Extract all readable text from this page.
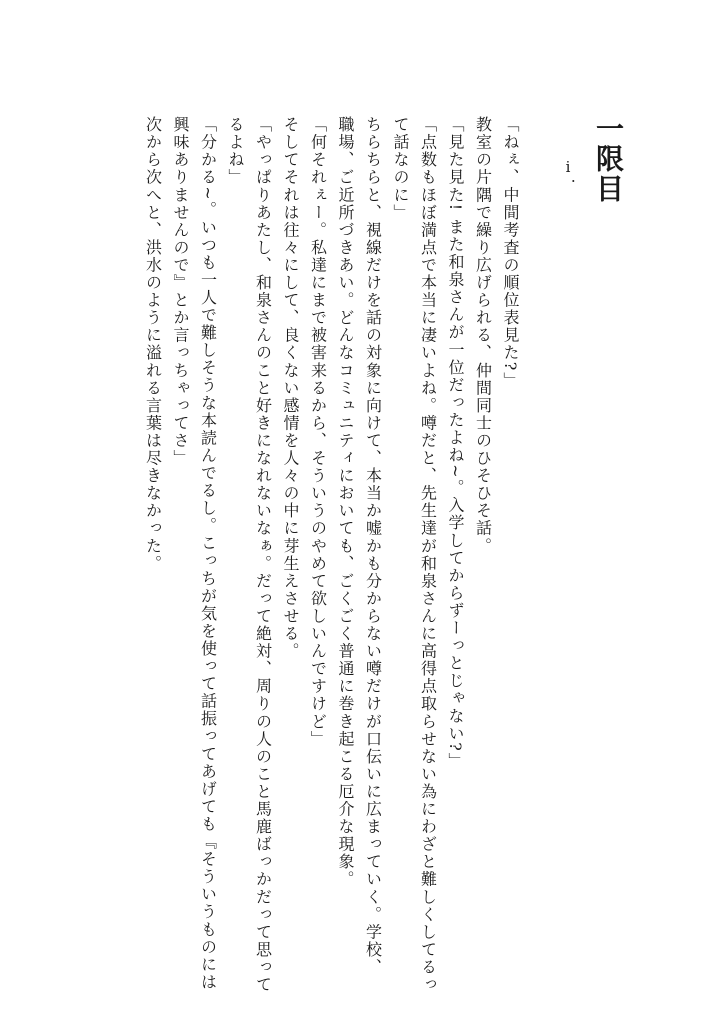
一限目
ⅰ．

「ねぇ、中間考査の順位表見た?」

教室の片隅で繰り広げられる、仲間同士のひそひそ話。

「見た見た! また和泉さんが一位だったよね~。入学してからずーっとじゃない?」

「点数もほぼ満点で本当に凄いよね。噂だと、先生達が和泉さんに高得点取らせない為にわざと難しくしてるっ

て話なのに」

ちらちらと、視線だけを話の対象に向けて、本当か嘘かも分からない噂だけが口伝いに広まっていく。学校、

職場、ご近所づきあい。どんなコミュニティにおいても、ごくごく普通に巻き起こる厄介な現象。

「何それぇー。私達にまで被害来るから、そういうのやめて欲しいんですけど」

そしてそれは往々にして、良くない感情を人々の中に芽生えさせる。

「やっぱりあたし、和泉さんのこと好きになれないなぁ。だって絶対、周りの人のこと馬鹿ばっかだって思って

るよね」

「分かる~。いつも一人で難しそうな本読んでるし。こっちが気を使って話振ってあげても『そういうものには

興味ありませんので』とか言っちゃってさ」

次から次へと、洪水のように溢れる言葉は尽きなかった。
